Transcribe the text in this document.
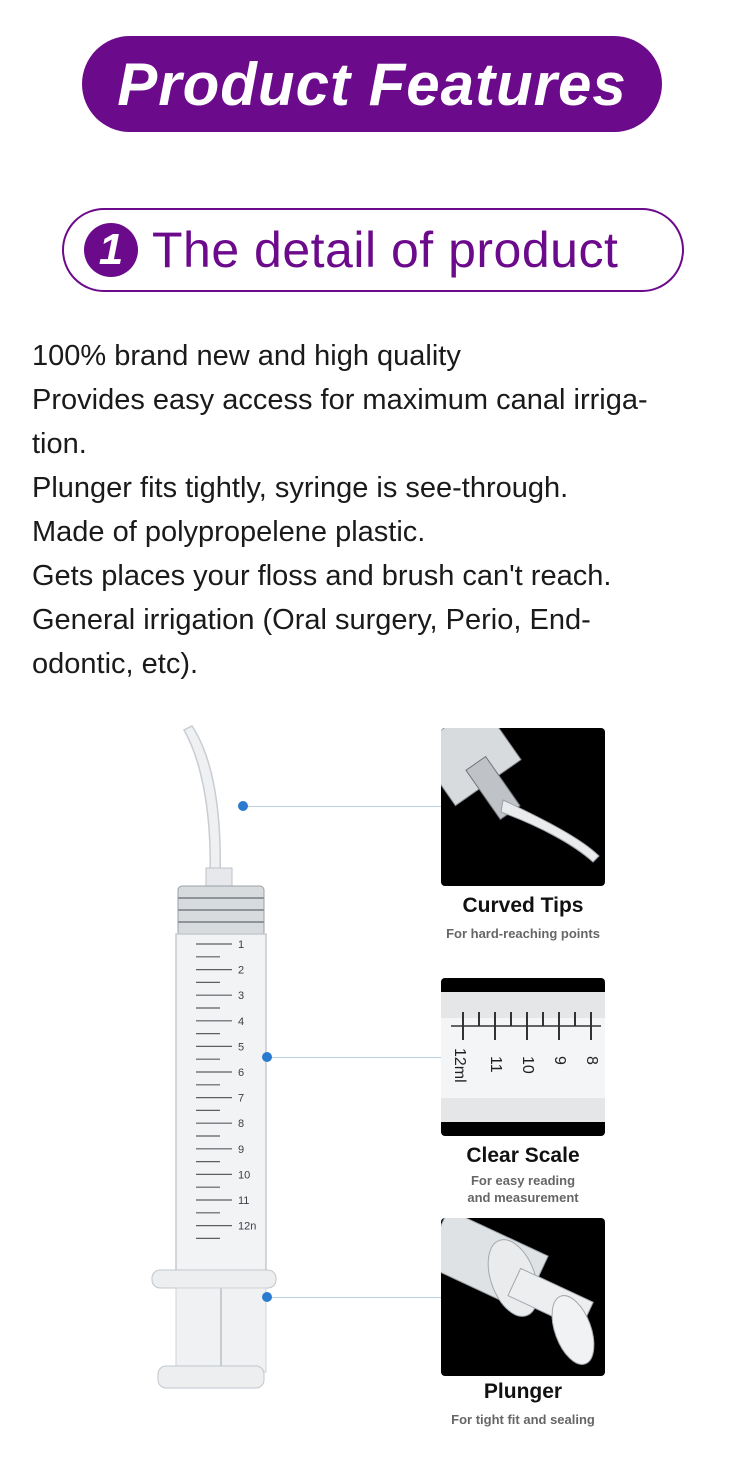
Product Features
1 The detail of product
100% brand new and high quality
Provides easy access for maximum canal irriga-
tion.
Plunger fits tightly, syringe is see-through.
Made of polypropelene plastic.
Gets places your floss and brush can't reach.
General irrigation (Oral surgery, Perio, End-
odontic, etc).
1
2
3
4
5
6
7
8
9
10
11
12n
Curved Tips
For hard-reaching points
12ml 11 10 9 8
Clear Scale
For easy reading
and measurement
Plunger
For tight fit and sealing
